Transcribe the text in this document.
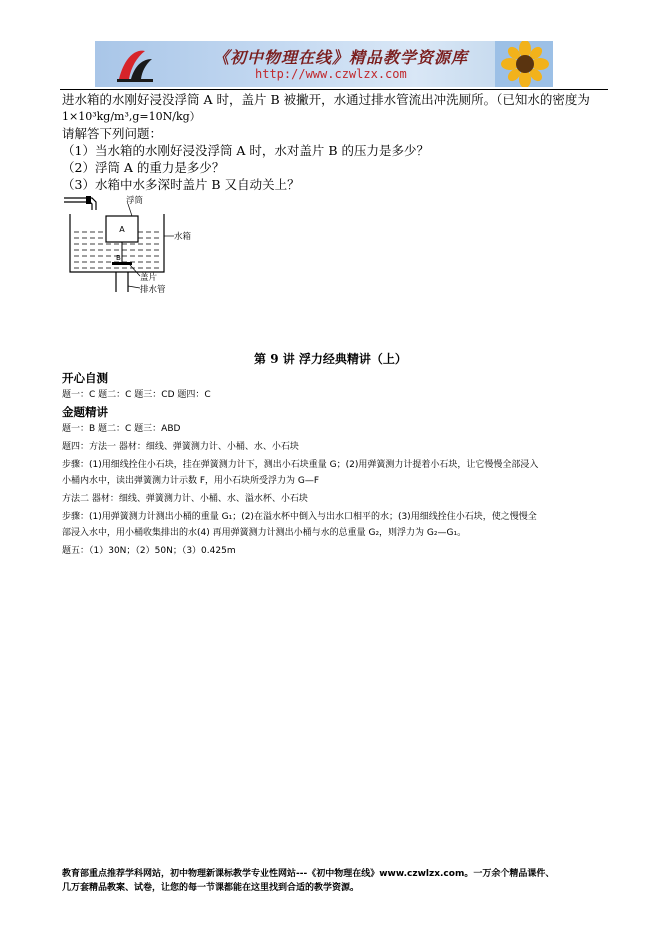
《初中物理在线》精品教学资源库
http://www.czwlzx.com
进水箱的水刚好浸没浮筒 A 时，盖片 B 被撇开，水通过排水管流出冲洗厕所。（已知水的密度为
1×10³kg/m³,g=10N/kg）
请解答下列问题：
（1）当水箱的水刚好浸没浮筒 A 时，水对盖片 B 的压力是多少？
（2）浮筒 A 的重力是多少？
（3）水箱中水多深时盖片 B 又自动关上？
A
B
浮筒
水箱
盖片
排水管
第 9 讲 浮力经典精讲（上）
开心自测
题一：C 题二：C 题三：CD 题四：C
金题精讲
题一：B 题二：C 题三：ABD
题四：方法一 器材：细线、弹簧测力计、小桶、水、小石块
步骤：(1)用细线拴住小石块，挂在弹簧测力计下，测出小石块重量 G；(2)用弹簧测力计提着小石块，让它慢慢全部浸入
小桶内水中，读出弹簧测力计示数 F，用小石块所受浮力为 G—F
方法二 器材：细线、弹簧测力计、小桶、水、溢水杯、小石块
步骤：(1)用弹簧测力计测出小桶的重量 G₁；(2)在溢水杯中倒入与出水口相平的水；(3)用细线拴住小石块，使之慢慢全
部浸入水中，用小桶收集排出的水(4) 再用弹簧测力计测出小桶与水的总重量 G₂，则浮力为 G₂—G₁。
题五：（1）30N；（2）50N；（3）0.425m
教育部重点推荐学科网站，初中物理新课标教学专业性网站---《初中物理在线》www.czwlzx.com。一万余个精品课件、
几万套精品教案、试卷，让您的每一节课都能在这里找到合适的教学资源。
